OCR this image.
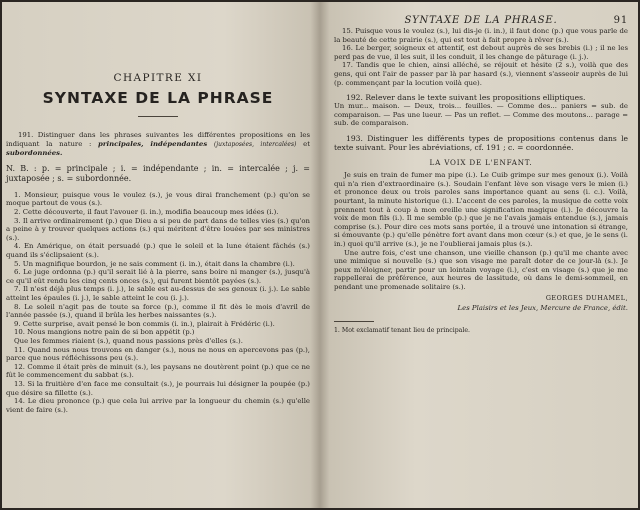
CHAPITRE XI
SYNTAXE DE LA PHRASE

191. Distinguer dans les phrases suivantes les différentes propositions en les indiquant la nature : principales, indépendantes (juxtaposées, intercalées) et subordonnées.

N. B. : p. = principale ; i. = indépendante ; in. = intercalée ; j. = juxtaposée ; s. = subordonnée.

1. Monsieur, puisque vous le voulez (s.), je vous dirai franchement (p.) qu'on se moque partout de vous (s.).

2. Cette découverte, il faut l'avouer (i. in.), modifia beaucoup mes idées (i.).

3. Il arrive ordinairement (p.) que Dieu a si peu de part dans de telles vies (s.) qu'on a peine à y trouver quelques actions (s.) qui méritent d'être louées par ses ministres (s.).

4. En Amérique, on était persuadé (p.) que le soleil et la lune étaient fâchés (s.) quand ils s'éclipsaient (s.).

5. Un magnifique bourdon, je ne sais comment (i. in.), était dans la chambre (i.).

6. Le juge ordonna (p.) qu'il serait lié à la pierre, sans boire ni manger (s.), jusqu'à ce qu'il eût rendu les cinq cents onces (s.), qui furent bientôt payées (s.).

7. Il n'est déjà plus temps (i. j.), le sable est au-dessus de ses genoux (i. j.). Le sable atteint les épaules (i. j.), le sable atteint le cou (i. j.).

8. Le soleil n'agit pas de toute sa force (p.), comme il fit dès le mois d'avril de l'année passée (s.), quand il brûla les herbes naissantes (s.).

9. Cette surprise, avait pensé le bon commis (i. in.), plairait à Frédéric (i.).

10. Nous mangions notre pain de si bon appétit (p.)

Que les femmes riaient (s.), quand nous passions près d'elles (s.).

11. Quand nous nous trouvons en danger (s.), nous ne nous en apercevons pas (p.), parce que nous réfléchissons peu (s.).

12. Comme il était près de minuit (s.), les paysans ne doutèrent point (p.) que ce ne fût le commencement du sabbat (s.).

13. Si la fruitière d'en face me consultait (s.), je pourrais lui désigner la poupée (p.) que désire sa fillette (s.).

14. Le dieu prononce (p.) que cela lui arrive par la longueur du chemin (s.) qu'elle vient de faire (s.).

SYNTAXE DE LA PHRASE.	91

15. Puisque vous le voulez (s.), lui dis-je (i. in.), il faut donc (p.) que vous parle de la beauté de cette prairie (s.), qui est tout à fait propre à rêver (s.).

16. Le berger, soigneux et attentif, est debout auprès de ses brebis (i.) ; il ne les perd pas de vue, il les suit, il les conduit, il les change de pâturage (i. j.).

17. Tandis que le chien, ainsi alléché, se réjouit et hésite (2 s.), voilà que des gens, qui ont l'air de passer par là par hasard (s.), viennent s'asseoir auprès de lui (p. commençant par la locution voilà que).

192. Relever dans le texte suivant les propositions elliptiques.

Un mur... maison. — Deux, trois... feuilles. — Comme des... paniers = sub. de comparaison. — Pas une lueur. — Pas un reflet. — Comme des moutons... parage = sub. de comparaison.

193. Distinguer les différents types de propositions contenus dans le texte suivant. Pour les abréviations, cf. 191 ; c. = coordonnée.

LA VOIX DE L'ENFANT.

Je suis en train de fumer ma pipe (i.). Le Cuib grimpe sur mes genoux (i.). Voilà qui n'a rien d'extraordinaire (s.). Soudain l'enfant lève son visage vers le mien (i.) et prononce deux ou trois paroles sans importance quant au sens (i. c.). Voilà, pourtant, la minute historique (i.). L'accent de ces paroles, la musique de cette voix prennent tout à coup à mon oreille une signification magique (i.). Je découvre la voix de mon fils (i.). Il me semble (p.) que je ne l'avais jamais entendue (s.), jamais comprise (s.). Pour dire ces mots sans portée, il a trouvé une intonation si étrange, si émouvante (p.) qu'elle pénètre fort avant dans mon cœur (s.) et que, je le sens (i. in.) quoi qu'il arrive (s.), je ne l'oublierai jamais plus (s.).

Une autre fois, c'est une chanson, une vieille chanson (p.) qu'il me chante avec une mimique si nouvelle (s.) que son visage me paraît doter de ce jour-là (s.). Je peux m'éloigner, partir pour un lointain voyage (i.), c'est en visage (s.) que je me rappellerai de préférence, aux heures de lassitude, où dans le demi-sommeil, en pendant une promenade solitaire (s.).

GEORGES DUHAMEL,

Les Plaisirs et les Jeux, Mercure de France, édit.

1. Mot exclamatif tenant lieu de principale.
